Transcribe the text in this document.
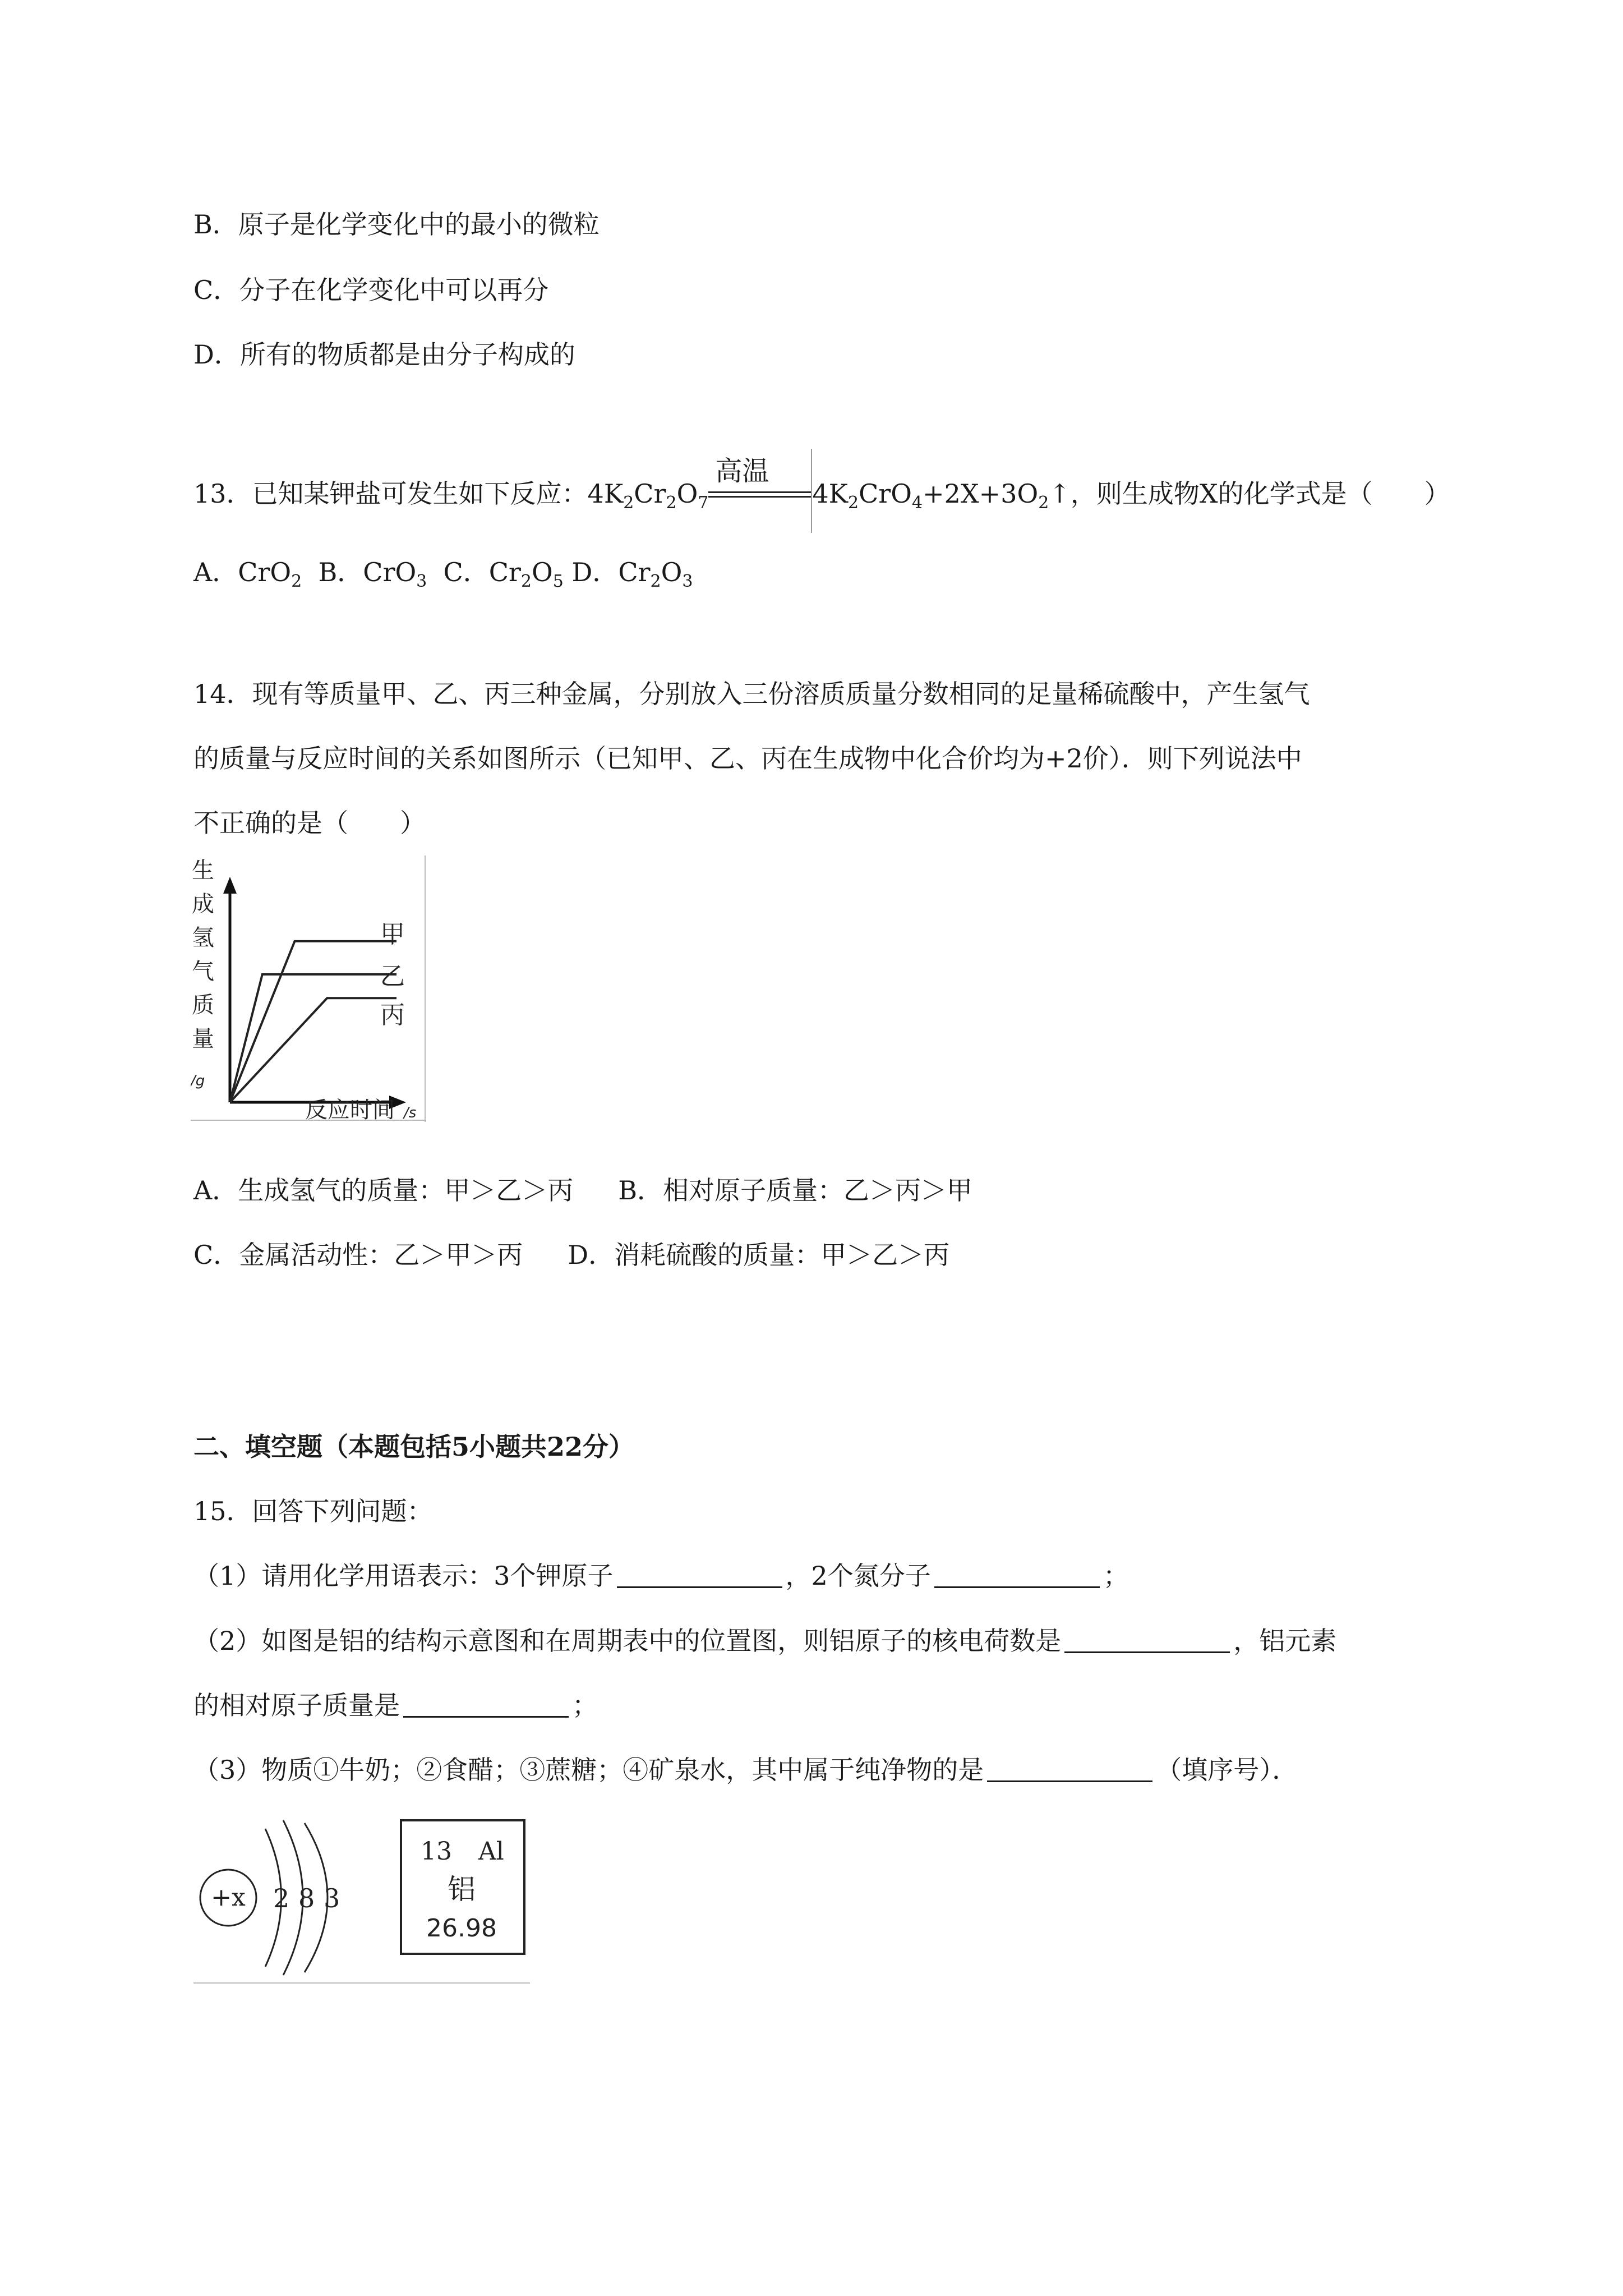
B．原子是化学变化中的最小的微粒
C．分子在化学变化中可以再分
D．所有的物质都是由分子构成的
13．已知某钾盐可发生如下反应：$4K_2Cr_2O_7$
高温
$4K_2CrO_4+2X+3O_2↑$，则生成物X的化学式是（　　）
A．CrO$_2$ B．CrO$_3$ C．$Cr_2O_5$ D．$Cr_2O_3$
14．现有等质量甲、乙、丙三种金属，分别放入三份溶质质量分数相同的足量稀硫酸中，产生氢气
的质量与反应时间的关系如图所示（已知甲、乙、丙在生成物中化合价均为+2价）．则下列说法中
不正确的是（　　）
生
成
氢
气
质
量
/g
甲
乙
丙
反应时间 /s
A．生成氢气的质量：甲＞乙＞丙 B．相对原子质量：乙＞丙＞甲
C．金属活动性：乙＞甲＞丙 D．消耗硫酸的质量：甲＞乙＞丙
二、填空题（本题包括5小题共22分）
15．回答下列问题：
（1）请用化学用语表示：3个钾原子	，2个氮分子	；
（2）如图是铝的结构示意图和在周期表中的位置图，则铝原子的核电荷数是	，铝元素
的相对原子质量是	；
（3）物质①牛奶；②食醋；③蔗糖；④矿泉水，其中属于纯净物的是	（填序号）．
+x 2 8 3
13 Al
铝
26.98
